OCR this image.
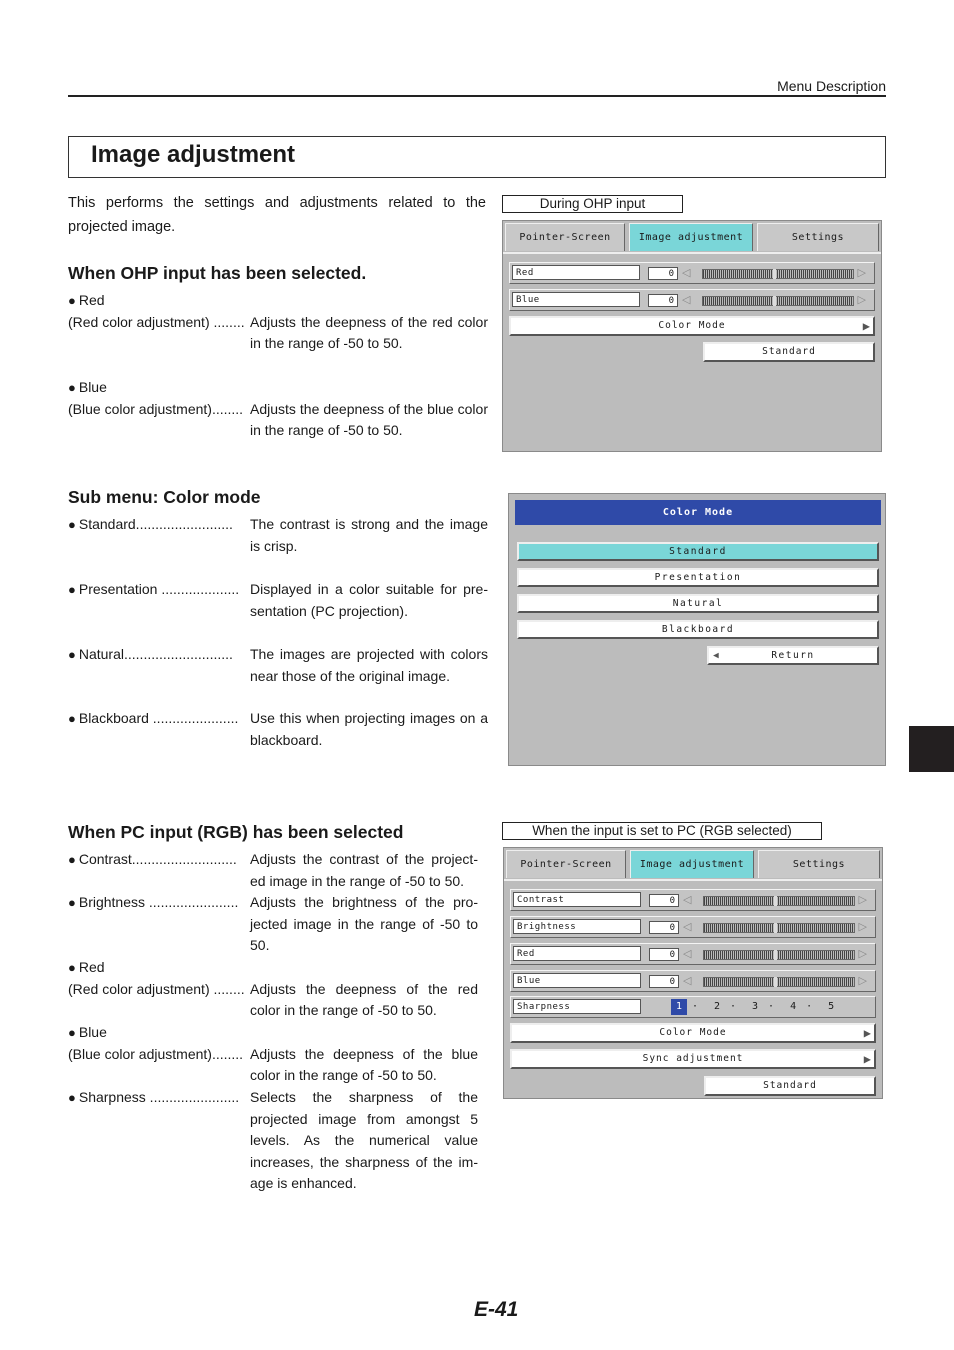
Menu Description
Image adjustment
This performs the settings and adjustments related to the projected image.
When OHP input has been selected.
● Red
(Red color adjustment) ........ Adjusts the deepness of the red color in the range of -50 to 50.
● Blue
(Blue color adjustment)........ Adjusts the deepness of the blue color in the range of -50 to 50.
Sub menu: Color mode
● Standard.........................	The contrast is strong and the image is crisp.
● Presentation .................... Displayed in a color suitable for pre- sentation (PC projection).
● Natural............................	The images are projected with colors near those of the original image.
● Blackboard ...................... Use this when projecting images on a blackboard.
When PC input (RGB) has been selected
● Contrast........................... Adjusts the contrast of the project- ed image in the range of -50 to 50.
● Brightness ....................... Adjusts the brightness of the pro- jected image in the range of -50 to 50.
● Red
(Red color adjustment) ........ Adjusts the deepness of the red color in the range of -50 to 50.
● Blue
(Blue color adjustment)........ Adjusts the deepness of the blue color in the range of -50 to 50.
● Sharpness ....................... Selects the sharpness of the projected image from amongst 5 levels. As the numerical value increases, the sharpness of the im- age is enhanced.
During OHP input
Pointer-Screen	Image adjustment	Settings
Red	0 ◁	▷
Blue	0 ◁	▷
Color Mode	▶
Standard
Color Mode
Standard
Presentation
Natural
Blackboard
◀	Return
When the input is set to PC (RGB selected)
Pointer-Screen	Image adjustment	Settings
Contrast	0 ◁	▷
Brightness	0 ◁	▷
Red	0 ◁	▷
Blue	0 ◁	▷
Sharpness	1 · 2 · 3 · 4 · 5
Color Mode	▶
Sync adjustment	▶
Standard
E-41
